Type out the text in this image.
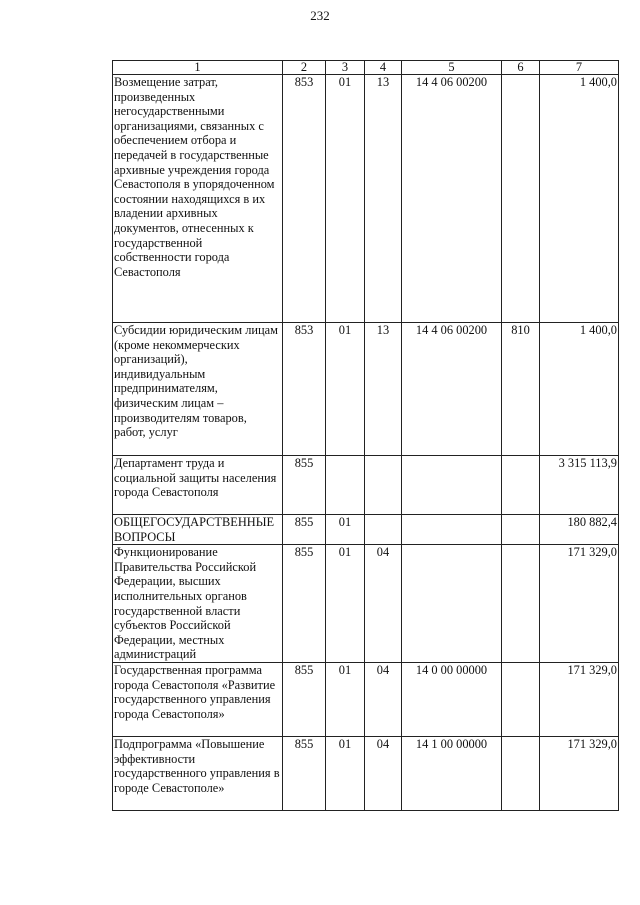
232
1	2	3	4	5	6	7
Возмещение затрат, произведенных негосударственными организациями, связанных с обеспечением отбора и передачей в государственные архивные учреждения города Севастополя в упорядоченном состоянии находящихся в их владении архивных документов, отнесенных к государственной собственности города Севастополя	853	01	13	14 4 06 00200		1 400,0
Субсидии юридическим лицам (кроме некоммерческих организаций), индивидуальным предпринимателям, физическим лицам – производителям товаров, работ, услуг	853	01	13	14 4 06 00200	810	1 400,0
Департамент труда и социальной защиты населения города Севастополя	855					3 315 113,9
ОБЩЕГОСУДАРСТВЕННЫЕ ВОПРОСЫ	855	01				180 882,4
Функционирование Правительства Российской Федерации, высших исполнительных органов государственной власти субъектов Российской Федерации, местных администраций	855	01	04			171 329,0
Государственная программа города Севастополя «Развитие государственного управления города Севастополя»	855	01	04	14 0 00 00000		171 329,0
Подпрограмма «Повышение эффективности государственного управления в городе Севастополе»	855	01	04	14 1 00 00000		171 329,0
